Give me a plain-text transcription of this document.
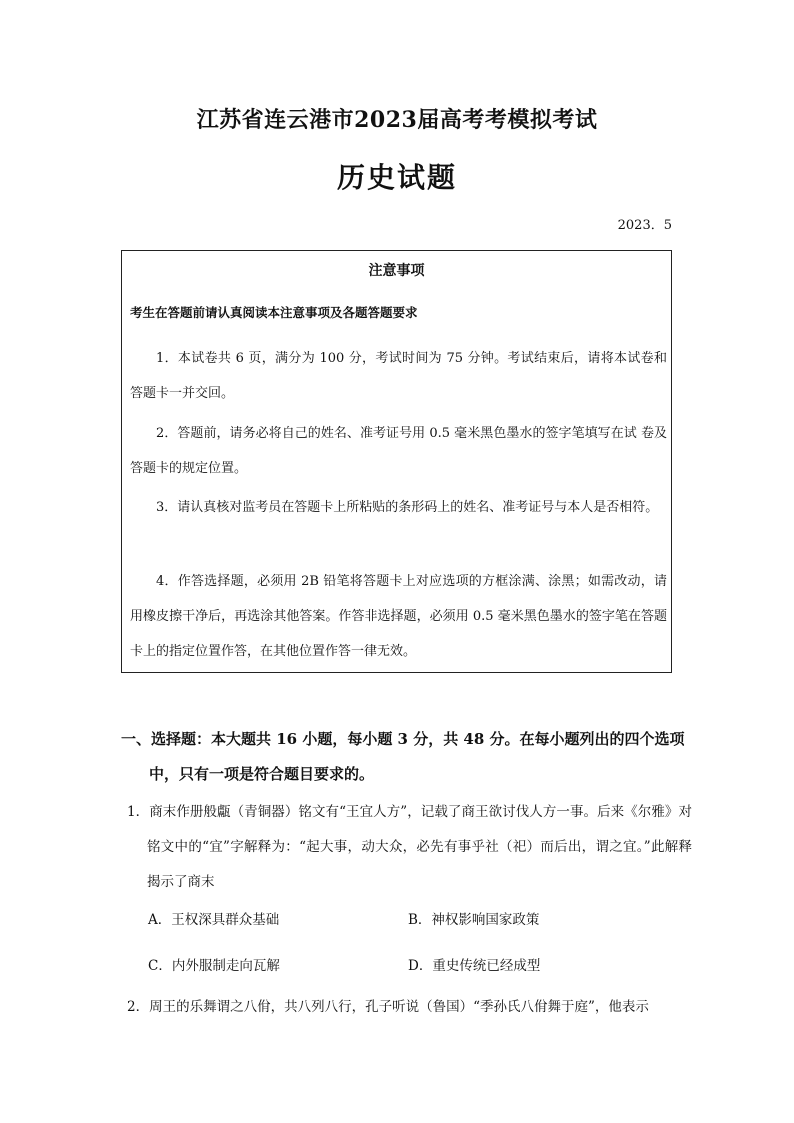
江苏省连云港市2023届高考考模拟考试
历史试题
2023．5
注意事项
考生在答题前请认真阅读本注意事项及各题答题要求
1．本试卷共 6 页，满分为 100 分，考试时间为 75 分钟。考试结束后，请将本试卷和 答题卡一并交回。
2．答题前，请务必将自己的姓名、准考证号用 0.5 毫米黑色墨水的签字笔填写在试 卷及答题卡的规定位置。
3．请认真核对监考员在答题卡上所粘贴的条形码上的姓名、准考证号与本人是否相符。
4．作答选择题，必须用 2B 铅笔将答题卡上对应选项的方框涂满、涂黑；如需改动，请用橡皮擦干净后，再选涂其他答案。作答非选择题，必须用 0.5 毫米黑色墨水的签字笔在答题卡上的指定位置作答，在其他位置作答一律无效。
一、选择题：本大题共 16 小题，每小题 3 分，共 48 分。在每小题列出的四个选项中，只有一项是符合题目要求的。
1．商末作册般甗（青铜器）铭文有“王宜人方”，记载了商王欲讨伐人方一事。后来《尔雅》对铭文中的“宜”字解释为：“起大事，动大众，必先有事乎社（祀）而后出，谓之宜。”此解释揭示了商末
A．王权深具群众基础	B．神权影响国家政策
C．内外服制走向瓦解	D．重史传统已经成型
2．周王的乐舞谓之八佾，共八列八行，孔子听说（鲁国）“季孙氏八佾舞于庭”，他表示
